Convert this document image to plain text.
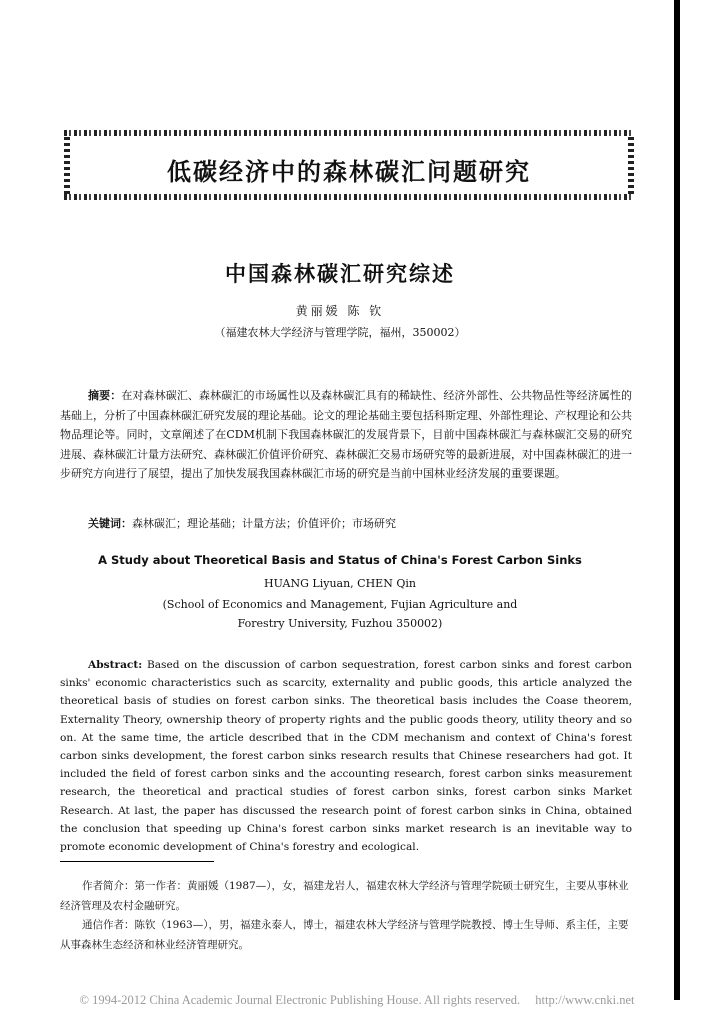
低碳经济中的森林碳汇问题研究
中国森林碳汇研究综述
黄丽媛 陈 钦
（福建农林大学经济与管理学院，福州，350002）
摘要：在对森林碳汇、森林碳汇的市场属性以及森林碳汇具有的稀缺性、经济外部性、公共物品性等经济属性的基础上，分析了中国森林碳汇研究发展的理论基础。论文的理论基础主要包括科斯定理、外部性理论、产权理论和公共物品理论等。同时，文章阐述了在CDM机制下我国森林碳汇的发展背景下，目前中国森林碳汇与森林碳汇交易的研究进展、森林碳汇计量方法研究、森林碳汇价值评价研究、森林碳汇交易市场研究等的最新进展，对中国森林碳汇的进一步研究方向进行了展望，提出了加快发展我国森林碳汇市场的研究是当前中国林业经济发展的重要课题。
关键词：森林碳汇；理论基础；计量方法；价值评价；市场研究
A Study about Theoretical Basis and Status of China's Forest Carbon Sinks
HUANG Liyuan, CHEN Qin
(School of Economics and Management, Fujian Agriculture and
Forestry University, Fuzhou 350002)
Abstract: Based on the discussion of carbon sequestration, forest carbon sinks and forest carbon sinks' economic characteristics such as scarcity, externality and public goods, this article analyzed the theoretical basis of studies on forest carbon sinks. The theoretical basis includes the Coase theorem, Externality Theory, ownership theory of property rights and the public goods theory, utility theory and so on. At the same time, the article described that in the CDM mechanism and context of China's forest carbon sinks development, the forest carbon sinks research results that Chinese researchers had got. It included the field of forest carbon sinks and the accounting research, forest carbon sinks measurement research, the theoretical and practical studies of forest carbon sinks, forest carbon sinks Market Research. At last, the paper has discussed the research point of forest carbon sinks in China, obtained the conclusion that speeding up China's forest carbon sinks market research is an inevitable way to promote economic development of China's forestry and ecological.
作者简介：第一作者：黄丽媛（1987—），女，福建龙岩人，福建农林大学经济与管理学院硕士研究生，主要从事林业经济管理及农村金融研究。
通信作者：陈钦（1963—），男，福建永泰人，博士，福建农林大学经济与管理学院教授、博士生导师、系主任，主要从事森林生态经济和林业经济管理研究。
© 1994-2012 China Academic Journal Electronic Publishing House. All rights reserved. http://www.cnki.net
